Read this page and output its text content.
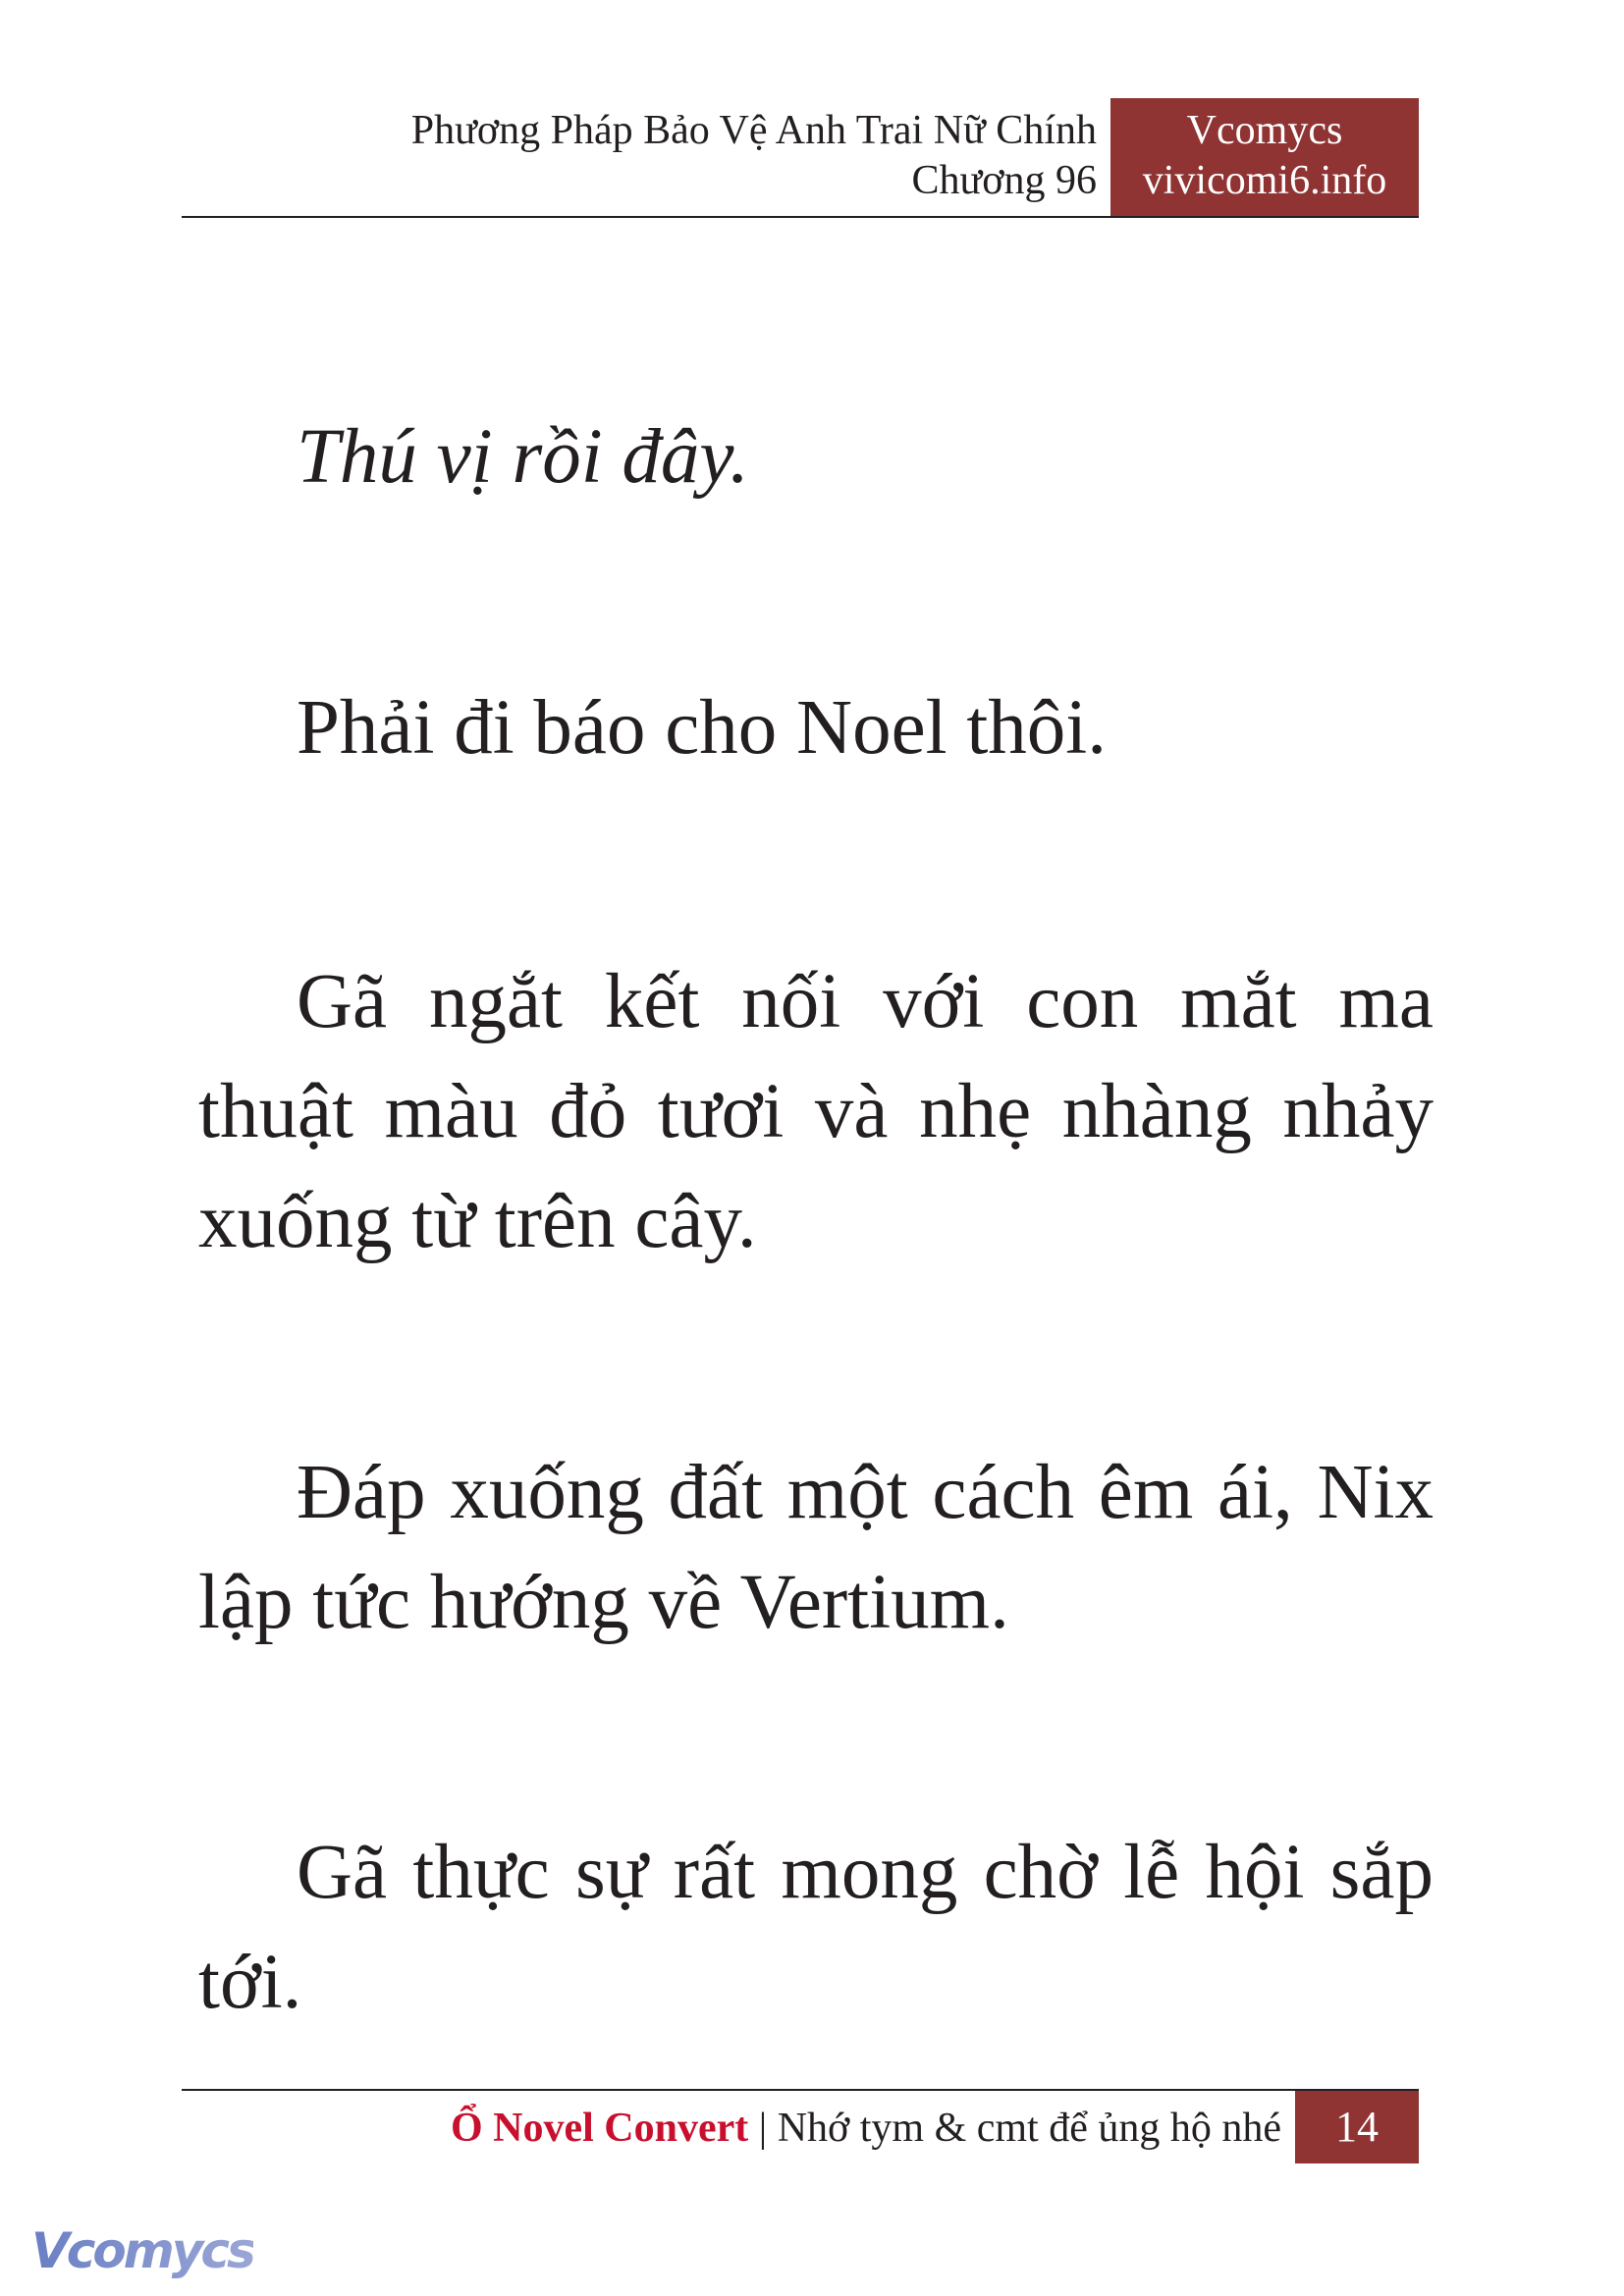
Phương Pháp Bảo Vệ Anh Trai Nữ Chính
Chương 96
Vcomycs
vivicomi6.info

Thú vị rồi đây.

Phải đi báo cho Noel thôi.

Gã ngắt kết nối với con mắt ma thuật màu đỏ tươi và nhẹ nhàng nhảy xuống từ trên cây.

Đáp xuống đất một cách êm ái, Nix lập tức hướng về Vertium.

Gã thực sự rất mong chờ lễ hội sắp tới.

Ổ Novel Convert | Nhớ tym & cmt để ủng hộ nhé	14
Vcomycs
